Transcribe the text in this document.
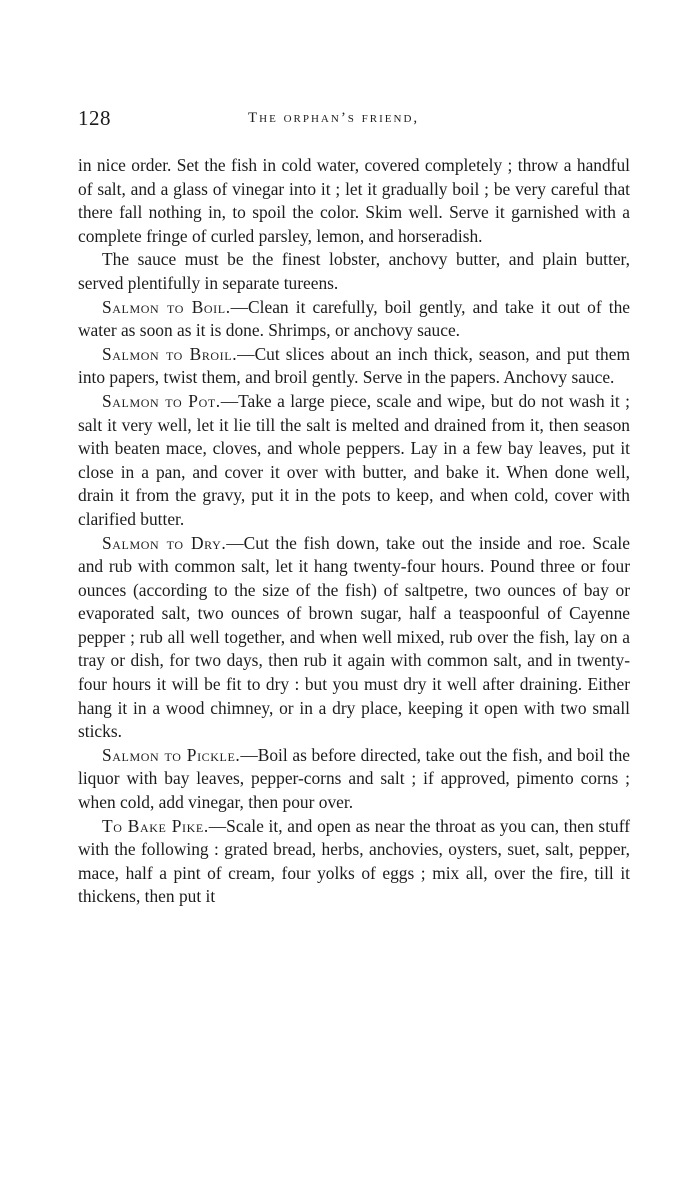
128	the orphan’s friend,

in nice order. Set the fish in cold water, covered completely ; throw a handful of salt, and a glass of vinegar into it ; let it gradually boil ; be very careful that there fall nothing in, to spoil the color. Skim well. Serve it garnished with a complete fringe of curled parsley, lemon, and horseradish.

The sauce must be the finest lobster, anchovy butter, and plain butter, served plentifully in separate tureens.

Salmon to Boil.—Clean it carefully, boil gently, and take it out of the water as soon as it is done. Shrimps, or anchovy sauce.

Salmon to Broil.—Cut slices about an inch thick, season, and put them into papers, twist them, and broil gently. Serve in the papers. Anchovy sauce.

Salmon to Pot.—Take a large piece, scale and wipe, but do not wash it ; salt it very well, let it lie till the salt is melted and drained from it, then season with beaten mace, cloves, and whole peppers. Lay in a few bay leaves, put it close in a pan, and cover it over with butter, and bake it. When done well, drain it from the gravy, put it in the pots to keep, and when cold, cover with clarified butter.

Salmon to Dry.—Cut the fish down, take out the inside and roe. Scale and rub with common salt, let it hang twenty-four hours. Pound three or four ounces (according to the size of the fish) of saltpetre, two ounces of bay or evaporated salt, two ounces of brown sugar, half a teaspoonful of Cayenne pepper ; rub all well together, and when well mixed, rub over the fish, lay on a tray or dish, for two days, then rub it again with common salt, and in twenty-four hours it will be fit to dry : but you must dry it well after draining. Either hang it in a wood chimney, or in a dry place, keeping it open with two small sticks.

Salmon to Pickle.—Boil as before directed, take out the fish, and boil the liquor with bay leaves, pepper-corns and salt ; if approved, pimento corns ; when cold, add vinegar, then pour over.

To Bake Pike.—Scale it, and open as near the throat as you can, then stuff with the following : grated bread, herbs, anchovies, oysters, suet, salt, pepper, mace, half a pint of cream, four yolks of eggs ; mix all, over the fire, till it thickens, then put it
